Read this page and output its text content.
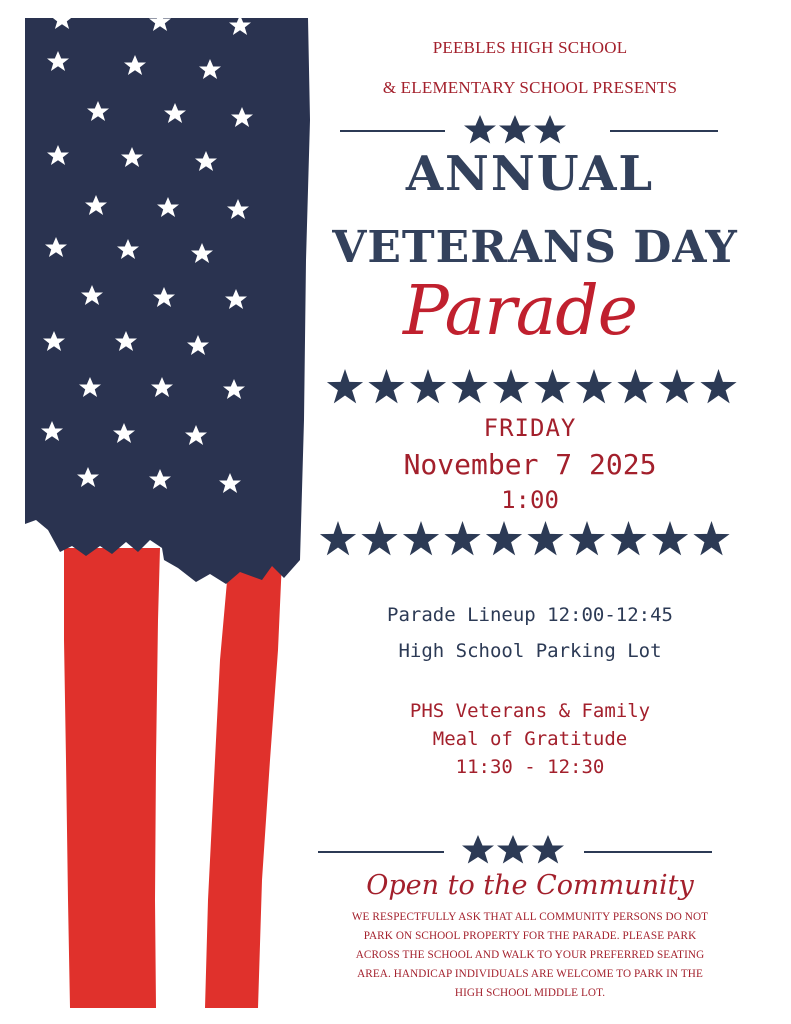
PEEBLES HIGH SCHOOL
& ELEMENTARY SCHOOL PRESENTS
ANNUAL
VETERANS DAY
Parade
FRIDAY
November 7 2025
1:00
Parade Lineup 12:00-12:45
High School Parking Lot
PHS Veterans & Family
Meal of Gratitude
11:30 - 12:30
Open to the Community
WE RESPECTFULLY ASK THAT ALL COMMUNITY PERSONS DO NOT
PARK ON SCHOOL PROPERTY FOR THE PARADE. PLEASE PARK
ACROSS THE SCHOOL AND WALK TO YOUR PREFERRED SEATING
AREA. HANDICAP INDIVIDUALS ARE WELCOME TO PARK IN THE
HIGH SCHOOL MIDDLE LOT.
